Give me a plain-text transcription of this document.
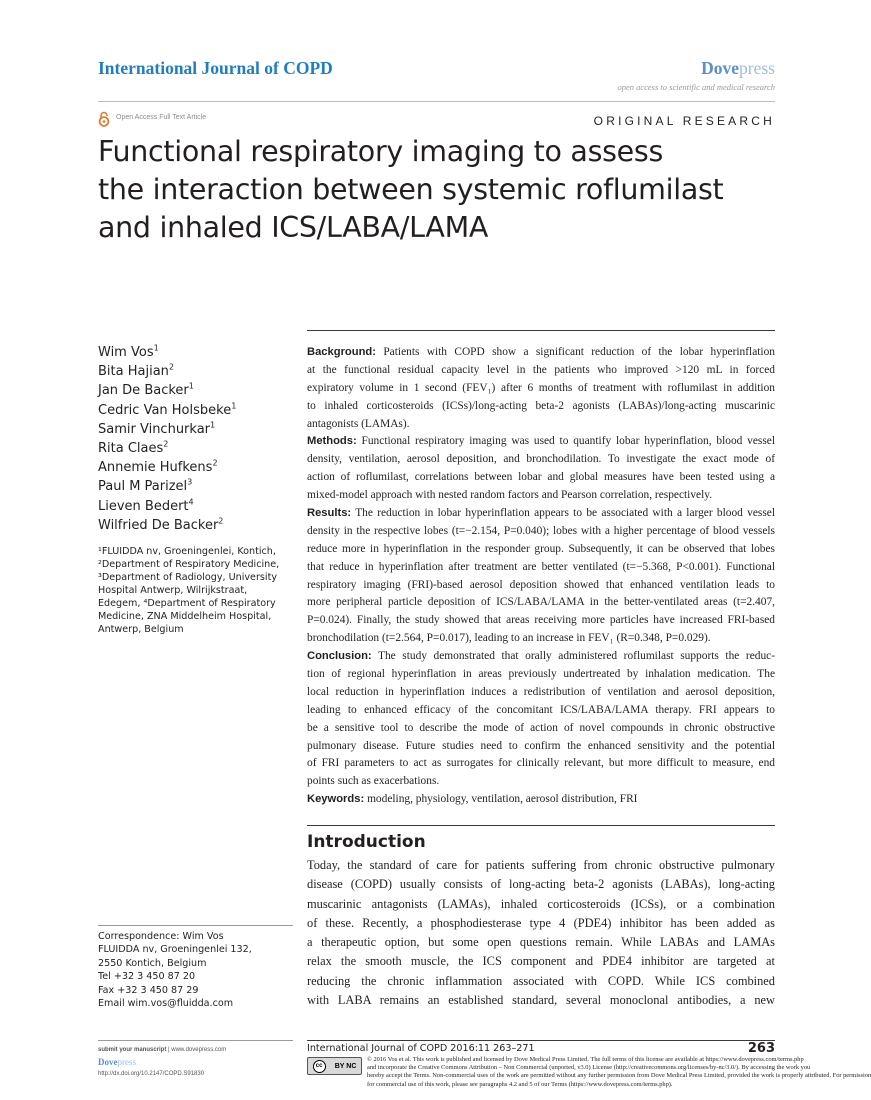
International Journal of COPD	Dovepress
open access to scientific and medical research
Open Access Full Text Article	ORIGINAL RESEARCH
Functional respiratory imaging to assess
the interaction between systemic roflumilast
and inhaled ICS/LABA/LAMA
Wim Vos$^1$
Bita Hajian$^2$
Jan De Backer$^1$
Cedric Van Holsbeke$^1$
Samir Vinchurkar$^1$
Rita Claes$^2$
Annemie Hufkens$^2$
Paul M Parizel$^3$
Lieven Bedert$^4$
Wilfried De Backer$^2$
¹FLUIDDA nv, Groeningenlei, Kontich,
²Department of Respiratory Medicine,
³Department of Radiology, University
Hospital Antwerp, Wilrijkstraat,
Edegem, ⁴Department of Respiratory
Medicine, ZNA Middelheim Hospital,
Antwerp, Belgium
Correspondence: Wim Vos
FLUIDDA nv, Groeningenlei 132,
2550 Kontich, Belgium
Tel +32 3 450 87 20
Fax +32 3 450 87 29
Email wim.vos@fluidda.com
Background: Patients with COPD show a significant reduction of the lobar hyperinflation
at the functional residual capacity level in the patients who improved >120 mL in forced
expiratory volume in 1 second (FEV₁) after 6 months of treatment with roflumilast in addition
to inhaled corticosteroids (ICSs)/long-acting beta-2 agonists (LABAs)/long-acting muscarinic
antagonists (LAMAs).
Methods: Functional respiratory imaging was used to quantify lobar hyperinflation, blood vessel
density, ventilation, aerosol deposition, and bronchodilation. To investigate the exact mode of
action of roflumilast, correlations between lobar and global measures have been tested using a
mixed-model approach with nested random factors and Pearson correlation, respectively.
Results: The reduction in lobar hyperinflation appears to be associated with a larger blood vessel
density in the respective lobes (t=−2.154, P=0.040); lobes with a higher percentage of blood vessels
reduce more in hyperinflation in the responder group. Subsequently, it can be observed that lobes
that reduce in hyperinflation after treatment are better ventilated (t=−5.368, P<0.001). Functional
respiratory imaging (FRI)-based aerosol deposition showed that enhanced ventilation leads to
more peripheral particle deposition of ICS/LABA/LAMA in the better-ventilated areas (t=2.407,
P=0.024). Finally, the study showed that areas receiving more particles have increased FRI-based
bronchodilation (t=2.564, P=0.017), leading to an increase in FEV₁ (R=0.348, P=0.029).
Conclusion: The study demonstrated that orally administered roflumilast supports the reduc-
tion of regional hyperinflation in areas previously undertreated by inhalation medication. The
local reduction in hyperinflation induces a redistribution of ventilation and aerosol deposition,
leading to enhanced efficacy of the concomitant ICS/LABA/LAMA therapy. FRI appears to
be a sensitive tool to describe the mode of action of novel compounds in chronic obstructive
pulmonary disease. Future studies need to confirm the enhanced sensitivity and the potential
of FRI parameters to act as surrogates for clinically relevant, but more difficult to measure, end
points such as exacerbations.
Keywords: modeling, physiology, ventilation, aerosol distribution, FRI
Introduction
Today, the standard of care for patients suffering from chronic obstructive pulmonary
disease (COPD) usually consists of long-acting beta-2 agonists (LABAs), long-acting
muscarinic antagonists (LAMAs), inhaled corticosteroids (ICSs), or a combination
of these. Recently, a phosphodiesterase type 4 (PDE4) inhibitor has been added as
a therapeutic option, but some open questions remain. While LABAs and LAMAs
relax the smooth muscle, the ICS component and PDE4 inhibitor are targeted at
reducing the chronic inflammation associated with COPD. While ICS combined
with LABA remains an established standard, several monoclonal antibodies, a new
submit your manuscript | www.dovepress.com
Dovepress
http://dx.doi.org/10.2147/COPD.S91830
International Journal of COPD 2016:11 263–271	263
cc	BY NC
© 2016 Vos et al. This work is published and licensed by Dove Medical Press Limited. The full terms of this license are available at https://www.dovepress.com/terms.php
and incorporate the Creative Commons Attribution – Non Commercial (unported, v3.0) License (http://creativecommons.org/licenses/by-nc/3.0/). By accessing the work you
hereby accept the Terms. Non-commercial uses of the work are permitted without any further permission from Dove Medical Press Limited, provided the work is properly attributed. For permission
for commercial use of this work, please see paragraphs 4.2 and 5 of our Terms (https://www.dovepress.com/terms.php).
